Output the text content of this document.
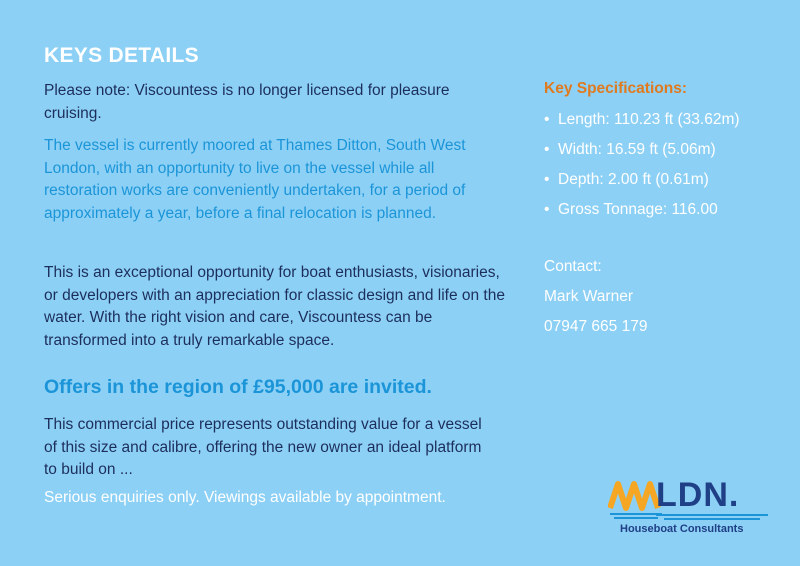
KEYS DETAILS

Please note: Viscountess is no longer licensed for pleasure cruising.

The vessel is currently moored at Thames Ditton, South West London, with an opportunity to live on the vessel while all restoration works are conveniently undertaken, for a period of approximately a year, before a final relocation is planned.

This is an exceptional opportunity for boat enthusiasts, visionaries, or developers with an appreciation for classic design and life on the water. With the right vision and care, Viscountess can be transformed into a truly remarkable space.

Offers in the region of £95,000 are invited.

This commercial price represents outstanding value for a vessel of this size and calibre, offering the new owner an ideal platform to build on ...

Serious enquiries only. Viewings available by appointment.

Key Specifications:
• Length: 110.23 ft (33.62m)
• Width: 16.59 ft (5.06m)
• Depth: 2.00 ft (0.61m)
• Gross Tonnage: 116.00
Contact:
Mark Warner
07947 665 179
LDN.
Houseboat Consultants
